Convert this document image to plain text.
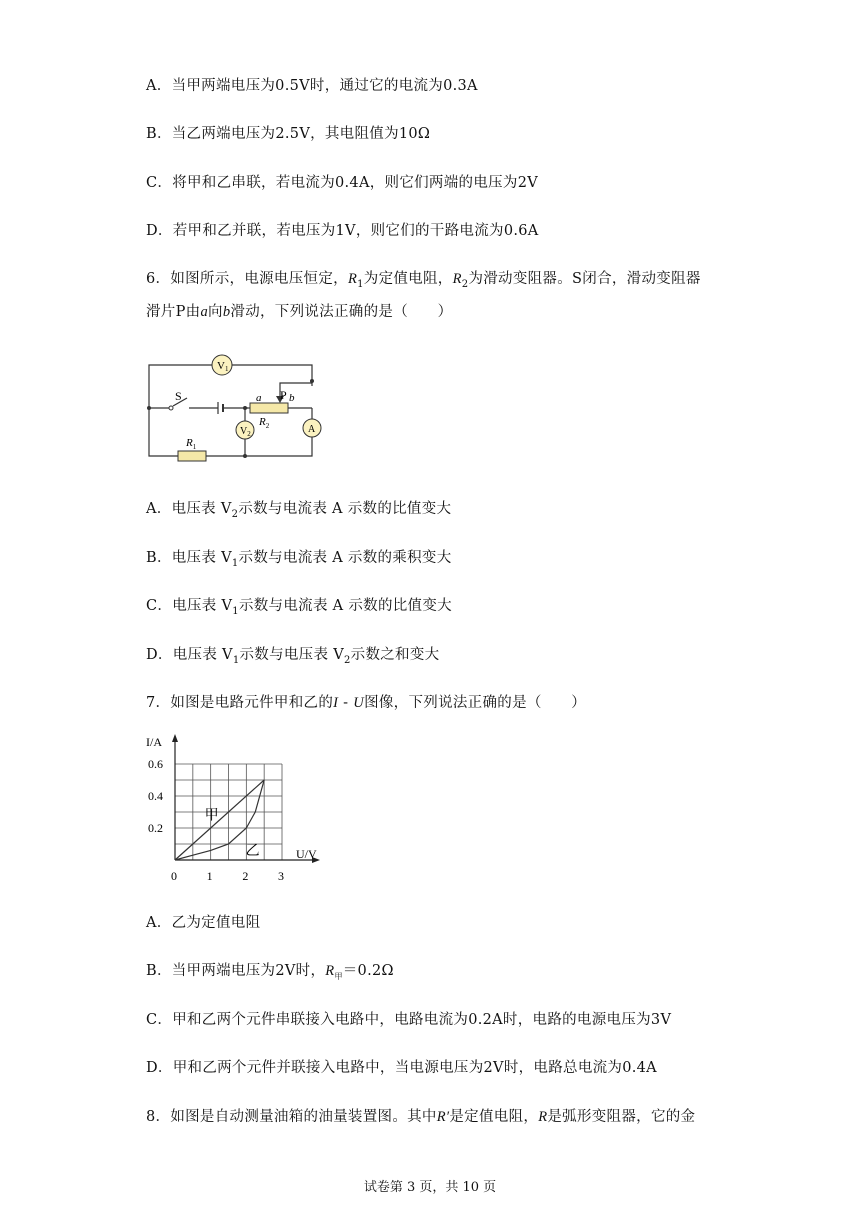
A．当甲两端电压为0.5V时，通过它的电流为0.3A
B．当乙两端电压为2.5V，其电阻值为10Ω
C．将甲和乙串联，若电流为0.4A，则它们两端的电压为2V
D．若甲和乙并联，若电压为1V，则它们的干路电流为0.6A
6．如图所示，电源电压恒定，$R_1$为定值电阻，$R_2$为滑动变阻器。S闭合，滑动变阻器
滑片P由a向b滑动，下列说法正确的是（　　）
V1
$V_2$	A
S	P
a	b
$R_2$
$R_1$
A．电压表 $V_2$示数与电流表 A 示数的比值变大
B．电压表 $V_1$示数与电流表 A 示数的乘积变大
C．电压表 $V_1$示数与电流表 A 示数的比值变大
D．电压表 $V_1$示数与电压表 $V_2$示数之和变大
7．如图是电路元件甲和乙的I - U图像，下列说法正确的是（　　）
I/A
U/V
0 1 2 3
0.2
0.4
0.6
甲
乙
A．乙为定值电阻
B．当甲两端电压为2V时，$R_甲=0.2\Omega$
C．甲和乙两个元件串联接入电路中，电路电流为0.2A时，电路的电源电压为3V
D．甲和乙两个元件并联接入电路中，当电源电压为2V时，电路总电流为0.4A
8．如图是自动测量油箱的油量装置图。其中R′是定值电阻，R是弧形变阻器，它的金
试卷第 3 页，共 10 页
